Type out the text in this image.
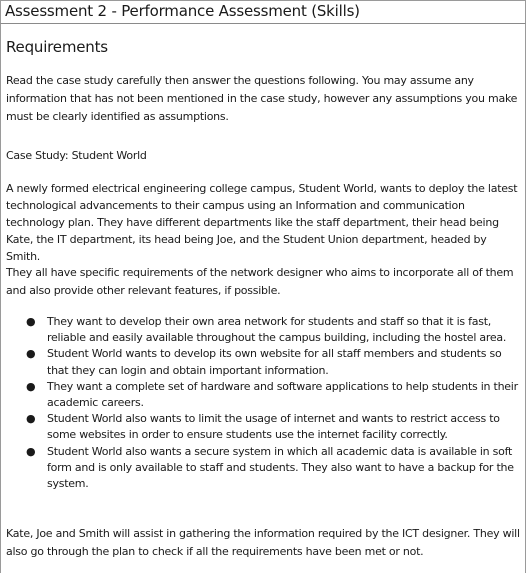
Assessment 2 - Performance Assessment (Skills)
Requirements

Read the case study carefully then answer the questions following. You may assume any information that has not been mentioned in the case study, however any assumptions you make must be clearly identified as assumptions.

Case Study: Student World

A newly formed electrical engineering college campus, Student World, wants to deploy the latest technological advancements to their campus using an Information and communication technology plan. They have different departments like the staff department, their head being Kate, the IT department, its head being Joe, and the Student Union department, headed by Smith.

They all have specific requirements of the network designer who aims to incorporate all of them and also provide other relevant features, if possible.

● They want to develop their own area network for students and staff so that it is fast, reliable and easily available throughout the campus building, including the hostel area.
● Student World wants to develop its own website for all staff members and students so that they can login and obtain important information.
● They want a complete set of hardware and software applications to help students in their academic careers.
● Student World also wants to limit the usage of internet and wants to restrict access to some websites in order to ensure students use the internet facility correctly.
● Student World also wants a secure system in which all academic data is available in soft form and is only available to staff and students. They also want to have a backup for the system.

Kate, Joe and Smith will assist in gathering the information required by the ICT designer. They will also go through the plan to check if all the requirements have been met or not.
